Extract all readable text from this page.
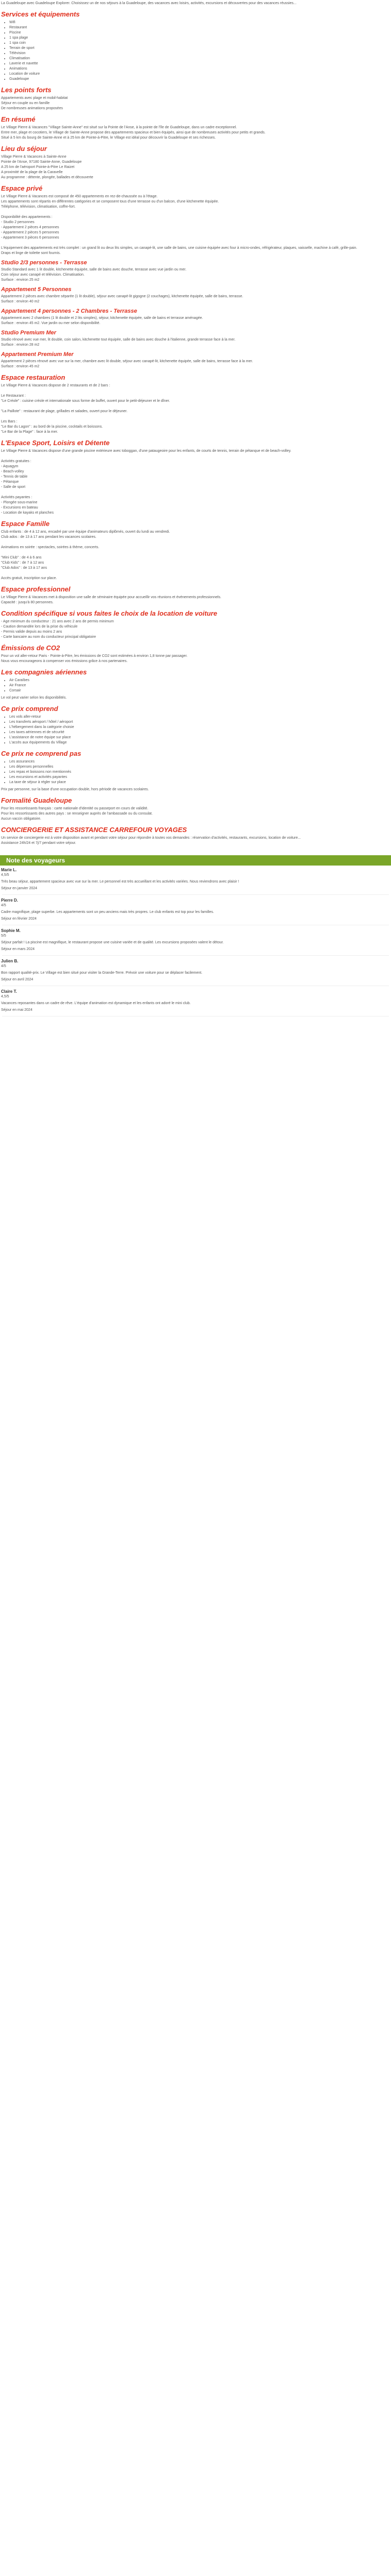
La Guadeloupe avec Guadeloupe Explorer. Choisissez un de nos séjours à la Guadeloupe, des vacances avec loisirs, activités, excursions et découvertes pour des vacances réussies...

Services et équipements
• Wifi
• Restaurant
• Piscine
• 1 spa plage
• 1 spa coin
• Terrain de sport
• Télévision
• Climatisation
• Laverie et navette
• Animations
• Location de voiture
• Guadeloupe
Les points forts

Appartements avec plage et mobil-habitat
Séjour en couple ou en famille
De nombreuses animations proposées

En résumé

Le Village Pierre & Vacances "Village Sainte-Anne" est situé sur la Pointe de l'Anse, à la pointe de l'île de Guadeloupe, dans un cadre exceptionnel.
Entre mer, plage et cocotiers, le Village de Sainte-Anne propose des appartements spacieux et bien équipés, ainsi que de nombreuses activités pour petits et grands.
Situé à 5 km du bourg de Sainte-Anne et à 25 km de Pointe-à-Pitre, le Village est idéal pour découvrir la Guadeloupe et ses richesses.

Lieu du séjour

Village Pierre & Vacances à Sainte-Anne
Pointe de l'Anse, 97180 Sainte-Anne, Guadeloupe
A 25 km de l'aéroport Pointe-à-Pitre Le Raizet
A proximité de la plage de la Caravelle
Au programme : détente, plongée, ballades et découverte

Espace privé

Le Village Pierre & Vacances est composé de 450 appartements en rez-de-chaussée ou à l'étage.
Les appartements sont répartis en différentes catégories et se composent tous d'une terrasse ou d'un balcon, d'une kitchenette équipée.
Téléphone, télévision, climatisation, coffre-fort.

Disponibilité des appartements :
- Studio 2 personnes
- Appartement 2 pièces 4 personnes
- Appartement 2 pièces 5 personnes
- Appartement 3 pièces 6 personnes

L'équipement des appartements est très complet : un grand lit ou deux lits simples, un canapé-lit, une salle de bains, une cuisine équipée avec four à micro-ondes, réfrigérateur, plaques, vaisselle, machine à café, grille-pain.
Draps et linge de toilette sont fournis.

Studio 2/3 personnes - Terrasse

Studio Standard avec 1 lit double, kitchenette équipée, salle de bains avec douche, terrasse avec vue jardin ou mer.
Coin séjour avec canapé et télévision. Climatisation.
Surface : environ 25 m2

Appartement 5 Personnes

Appartement 2 pièces avec chambre séparée (1 lit double), séjour avec canapé-lit gigogne (2 couchages), kitchenette équipée, salle de bains, terrasse.
Surface : environ 40 m2

Appartement 4 personnes - 2 Chambres - Terrasse

Appartement avec 2 chambres (1 lit double et 2 lits simples), séjour, kitchenette équipée, salle de bains et terrasse aménagée.
Surface : environ 45 m2. Vue jardin ou mer selon disponibilité.

Studio Premium Mer

Studio rénové avec vue mer, lit double, coin salon, kitchenette tout équipée, salle de bains avec douche à l'italienne, grande terrasse face à la mer.
Surface : environ 28 m2

Appartement Premium Mer

Appartement 2 pièces rénové avec vue sur la mer, chambre avec lit double, séjour avec canapé-lit, kitchenette équipée, salle de bains, terrasse face à la mer.
Surface : environ 45 m2

Espace restauration

Le Village Pierre & Vacances dispose de 2 restaurants et de 2 bars :

Le Restaurant :
"Le Créole" : cuisine créole et internationale sous forme de buffet, ouvert pour le petit-déjeuner et le dîner.

"La Paillote" : restaurant de plage, grillades et salades, ouvert pour le déjeuner.

Les Bars :
"Le Bar du Lagon" : au bord de la piscine, cocktails et boissons.
"Le Bar de la Plage" : face à la mer.

L'Espace Sport, Loisirs et Détente

Le Village Pierre & Vacances dispose d'une grande piscine extérieure avec toboggan, d'une pataugeoire pour les enfants, de courts de tennis, terrain de pétanque et de beach-volley.

Activités gratuites :
- Aquagym
- Beach-volley
- Tennis de table
- Pétanque
- Salle de sport

Activités payantes :
- Plongée sous-marine
- Excursions en bateau
- Location de kayaks et planches

Espace Famille

Club enfants : de 4 à 12 ans, encadré par une équipe d'animateurs diplômés, ouvert du lundi au vendredi.
Club ados : de 13 à 17 ans pendant les vacances scolaires.

Animations en soirée : spectacles, soirées à thème, concerts.

"Mini Club" : de 4 à 6 ans
"Club Kids" : de 7 à 12 ans
"Club Ados" : de 13 à 17 ans

Accès gratuit, inscription sur place.

Espace professionnel

Le Village Pierre & Vacances met à disposition une salle de séminaire équipée pour accueillir vos réunions et événements professionnels.
Capacité : jusqu'à 80 personnes.

Condition spécifique si vous faites le choix de la location de voiture

- Age minimum du conducteur : 21 ans avec 2 ans de permis minimum
- Caution demandée lors de la prise du véhicule
- Permis valide depuis au moins 2 ans
- Carte bancaire au nom du conducteur principal obligatoire

Émissions de CO2

Pour un vol aller-retour Paris - Pointe-à-Pitre, les émissions de CO2 sont estimées à environ 1,8 tonne par passager.
Nous vous encourageons à compenser vos émissions grâce à nos partenaires.

Les compagnies aériennes
• Air Caraïbes
• Air France
• Corsair

Le vol peut varier selon les disponibilités.

Ce prix comprend
• Les vols aller-retour
• Les transferts aéroport / hôtel / aéroport
• L'hébergement dans la catégorie choisie
• Les taxes aériennes et de sécurité
• L'assistance de notre équipe sur place
• L'accès aux équipements du Village
Ce prix ne comprend pas
• Les assurances
• Les dépenses personnelles
• Les repas et boissons non mentionnés
• Les excursions et activités payantes
• La taxe de séjour à régler sur place

Prix par personne, sur la base d'une occupation double, hors période de vacances scolaires.

Formalité Guadeloupe

Pour les ressortissants français : carte nationale d'identité ou passeport en cours de validité.
Pour les ressortissants des autres pays : se renseigner auprès de l'ambassade ou du consulat.
Aucun vaccin obligatoire.

CONCIERGERIE ET ASSISTANCE CARREFOUR VOYAGES

Un service de conciergerie est à votre disposition avant et pendant votre séjour pour répondre à toutes vos demandes : réservation d'activités, restaurants, excursions, location de voiture...
Assistance 24h/24 et 7j/7 pendant votre séjour.

Note des voyageurs
Marie L.

4,5/5

Très beau séjour, appartement spacieux avec vue sur la mer. Le personnel est très accueillant et les activités variées. Nous reviendrons avec plaisir !

Séjour en janvier 2024

Pierre D.

4/5

Cadre magnifique, plage superbe. Les appartements sont un peu anciens mais très propres. Le club enfants est top pour les familles.

Séjour en février 2024

Sophie M.

5/5

Séjour parfait ! La piscine est magnifique, le restaurant propose une cuisine variée et de qualité. Les excursions proposées valent le détour.

Séjour en mars 2024

Julien B.

4/5

Bon rapport qualité-prix. Le Village est bien situé pour visiter la Grande-Terre. Prévoir une voiture pour se déplacer facilement.

Séjour en avril 2024

Claire T.

4,5/5

Vacances reposantes dans un cadre de rêve. L'équipe d'animation est dynamique et les enfants ont adoré le mini club.

Séjour en mai 2024
